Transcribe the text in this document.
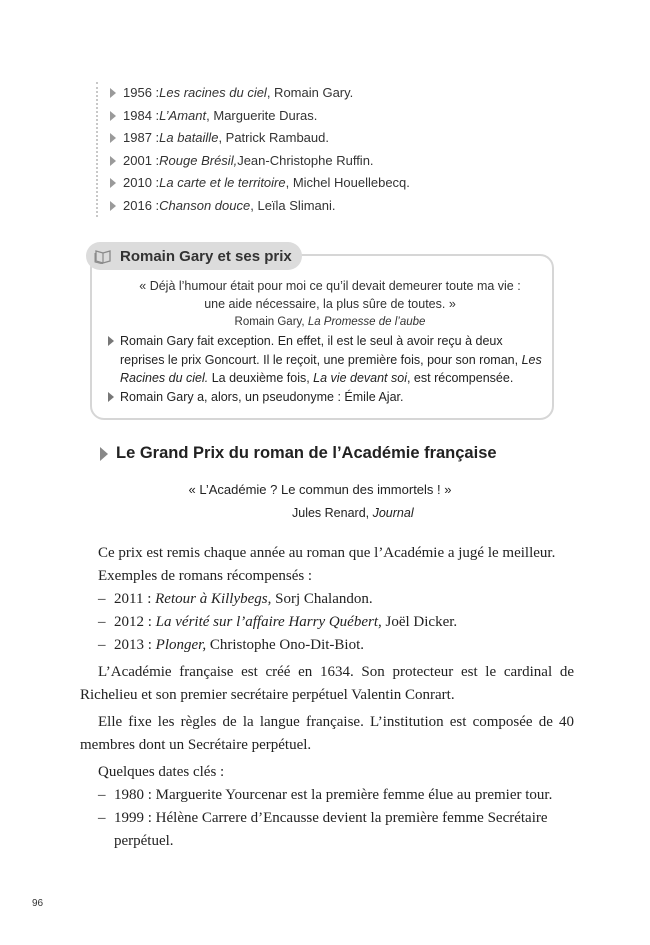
1956 : Les racines du ciel , Romain Gary.
1984 : L’Amant , Marguerite Duras.
1987 : La bataille , Patrick Rambaud.
2001 : Rouge Brésil, Jean-Christophe Ruffin.
2010 : La carte et le territoire , Michel Houellebecq.
2016 : Chanson douce , Leïla Slimani.
Romain Gary et ses prix
« Déjà l’humour était pour moi ce qu’il devait demeurer toute ma vie :
une aide nécessaire, la plus sûre de toutes. »
Romain Gary, La Promesse de l’aube
Romain Gary fait exception. En effet, il est le seul à avoir reçu à deux reprises le prix Goncourt. Il le reçoit, une première fois, pour son roman, Les Racines du ciel. La deuxième fois, La vie devant soi, est récompensée.
Romain Gary a, alors, un pseudonyme : Émile Ajar.
Le Grand Prix du roman de l’Académie française
« L’Académie ? Le commun des immortels ! »
Jules Renard, Journal

Ce prix est remis chaque année au roman que l’Académie a jugé le meilleur.

Exemples de romans récompensés :

– 2011 : Retour à Killybegs, Sorj Chalandon.

– 2012 : La vérité sur l’affaire Harry Québert, Joël Dicker.

– 2013 : Plonger, Christophe Ono-Dit-Biot.

L’Académie française est créé en 1634. Son protecteur est le cardinal de Richelieu et son premier secrétaire perpétuel Valentin Conrart.

Elle fixe les règles de la langue française. L’institution est composée de 40 membres dont un Secrétaire perpétuel.

Quelques dates clés :

– 1980 : Marguerite Yourcenar est la première femme élue au premier tour.

– 1999 : Hélène Carrere d’Encausse devient la première femme Secrétaire perpétuel.

96
